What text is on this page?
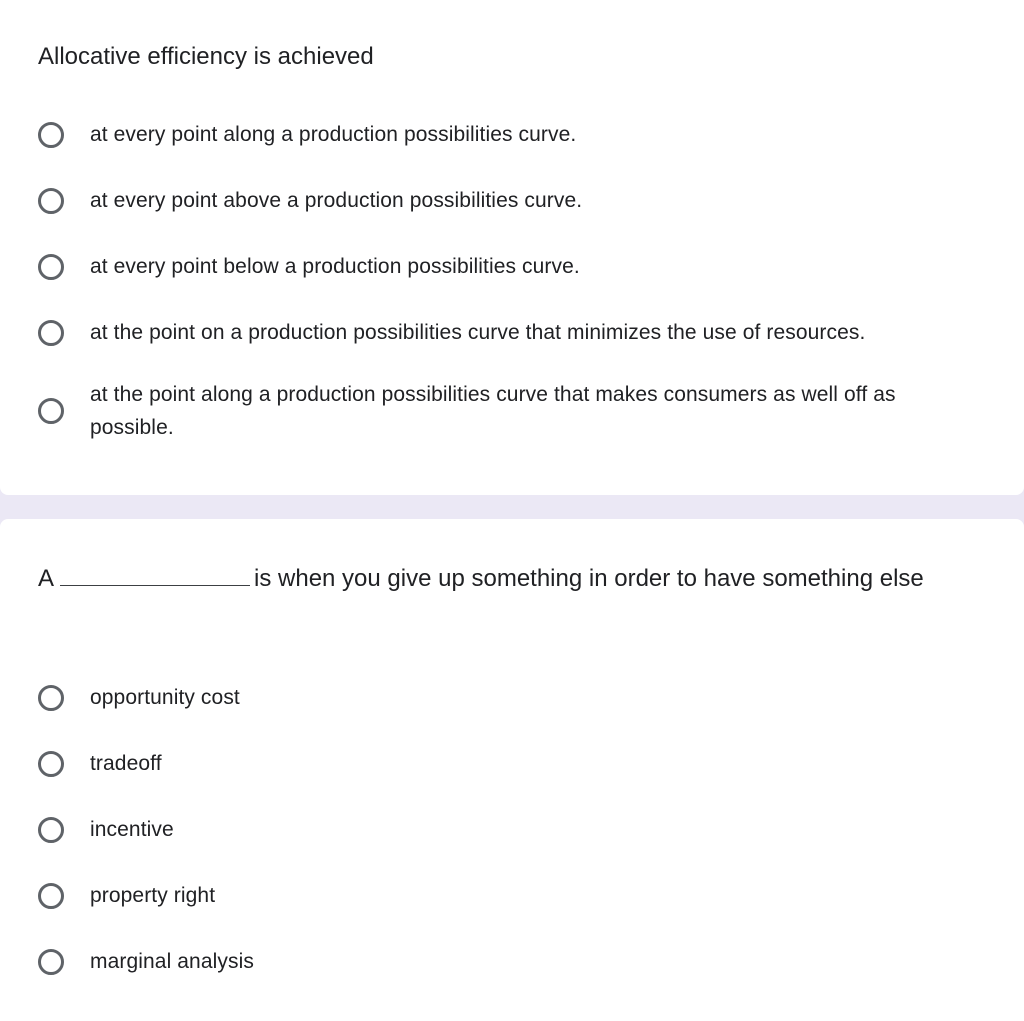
Allocative efficiency is achieved
at every point along a production possibilities curve.
at every point above a production possibilities curve.
at every point below a production possibilities curve.
at the point on a production possibilities curve that minimizes the use of resources.
at the point along a production possibilities curve that makes consumers as well off as possible.
A	is when you give up something in order to have something else
opportunity cost
tradeoff
incentive
property right
marginal analysis
